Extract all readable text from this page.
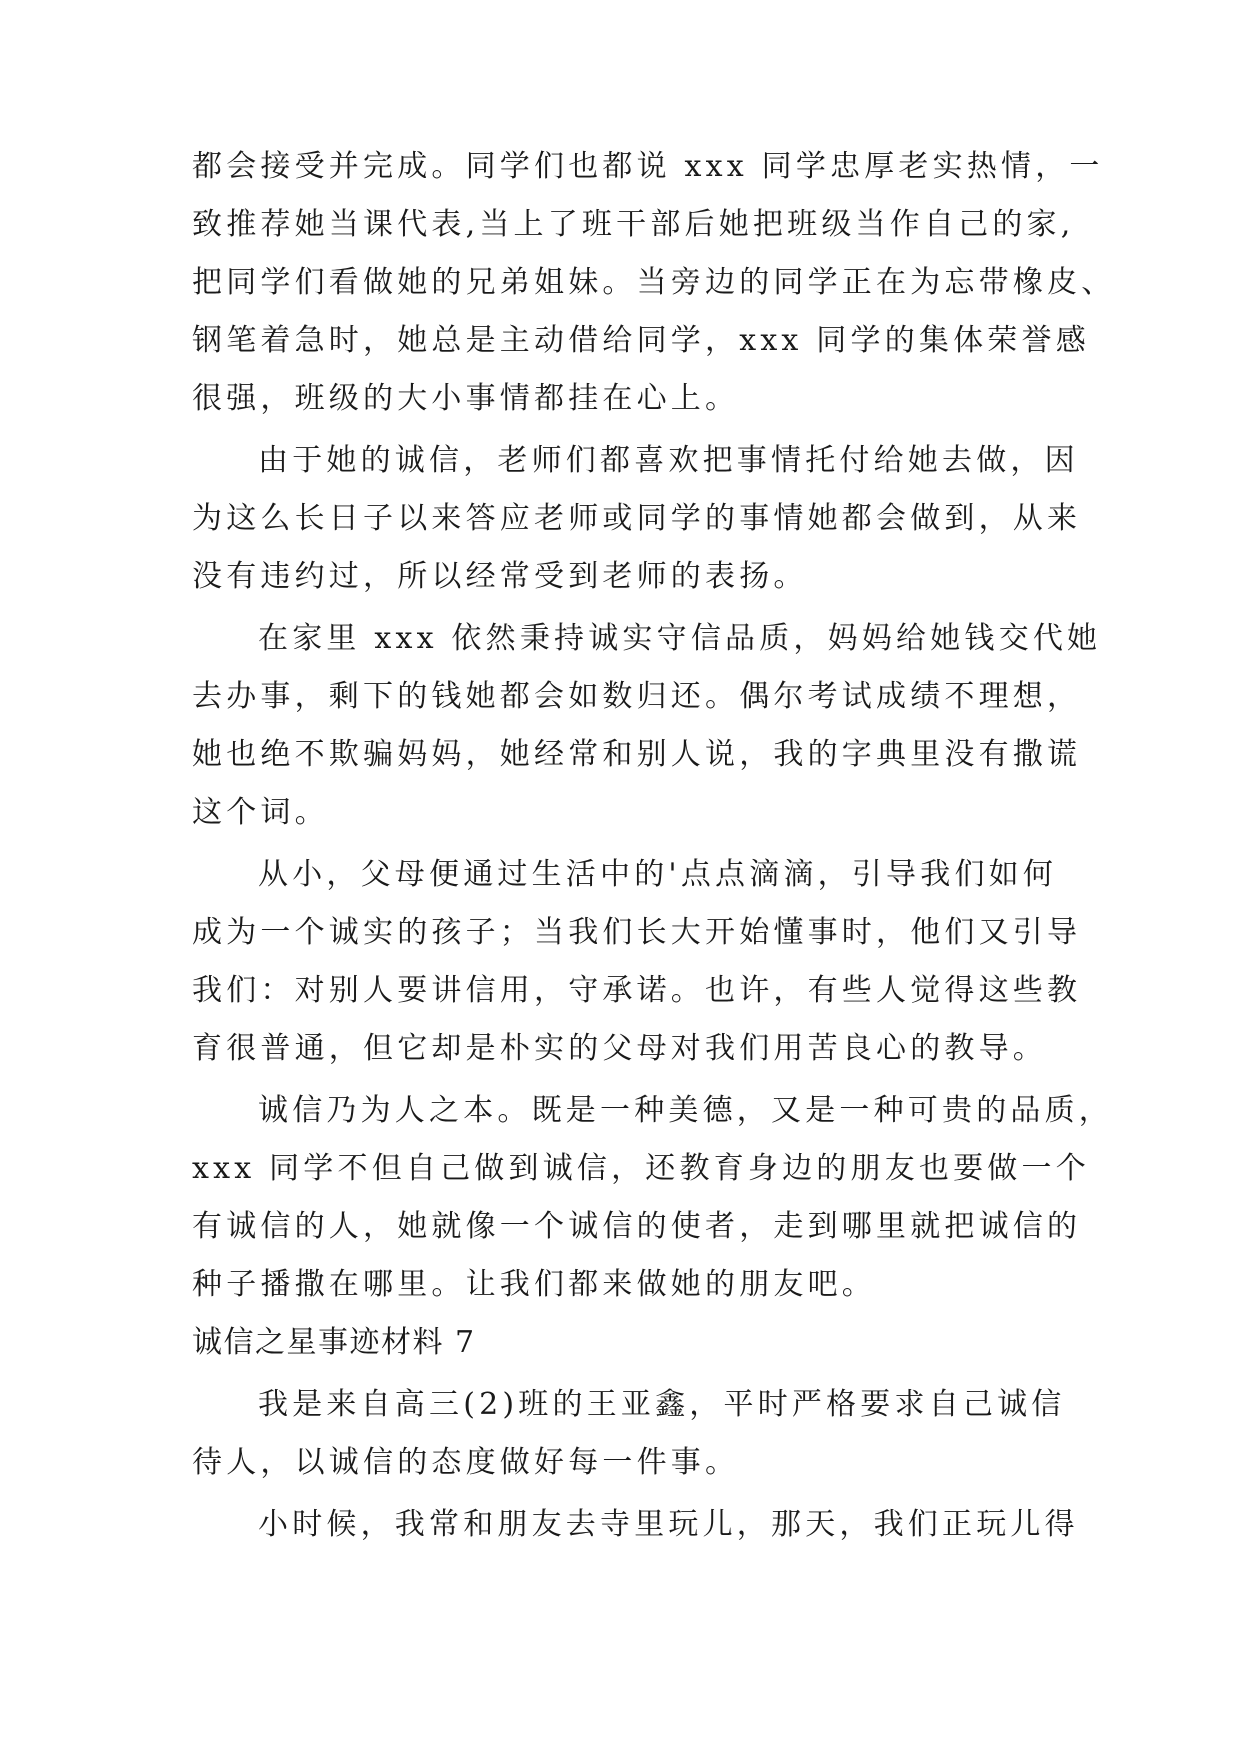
都会接受并完成。同学们也都说 xxx 同学忠厚老实热情，一
致推荐她当课代表,当上了班干部后她把班级当作自己的家,
把同学们看做她的兄弟姐妹。当旁边的同学正在为忘带橡皮、
钢笔着急时，她总是主动借给同学，xxx 同学的集体荣誉感
很强，班级的大小事情都挂在心上。
由于她的诚信，老师们都喜欢把事情托付给她去做，因
为这么长日子以来答应老师或同学的事情她都会做到，从来
没有违约过，所以经常受到老师的表扬。
在家里 xxx 依然秉持诚实守信品质，妈妈给她钱交代她
去办事，剩下的钱她都会如数归还。偶尔考试成绩不理想，
她也绝不欺骗妈妈，她经常和别人说，我的字典里没有撒谎
这个词。
从小，父母便通过生活中的'点点滴滴，引导我们如何
成为一个诚实的孩子；当我们长大开始懂事时，他们又引导
我们：对别人要讲信用，守承诺。也许，有些人觉得这些教
育很普通，但它却是朴实的父母对我们用苦良心的教导。
诚信乃为人之本。既是一种美德，又是一种可贵的品质，
xxx 同学不但自己做到诚信，还教育身边的朋友也要做一个
有诚信的人，她就像一个诚信的使者，走到哪里就把诚信的
种子播撒在哪里。让我们都来做她的朋友吧。
诚信之星事迹材料 7
我是来自高三(2)班的王亚鑫，平时严格要求自己诚信
待人，以诚信的态度做好每一件事。
小时候，我常和朋友去寺里玩儿，那天，我们正玩儿得
